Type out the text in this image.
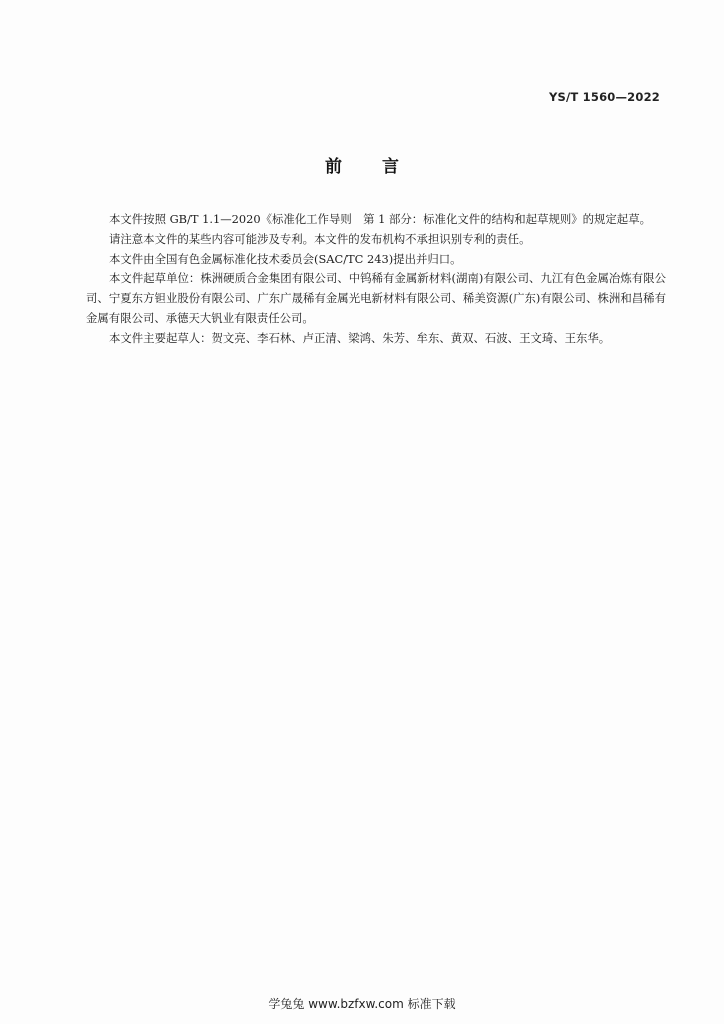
YS/T 1560—2022
前言

本文件按照 GB/T 1.1—2020《标准化工作导则　第 1 部分：标准化文件的结构和起草规则》的规定起草。

请注意本文件的某些内容可能涉及专利。本文件的发布机构不承担识别专利的责任。

本文件由全国有色金属标准化技术委员会(SAC/TC 243)提出并归口。

本文件起草单位：株洲硬质合金集团有限公司、中钨稀有金属新材料(湖南)有限公司、九江有色金属冶炼有限公司、宁夏东方钽业股份有限公司、广东广晟稀有金属光电新材料有限公司、稀美资源(广东)有限公司、株洲和昌稀有金属有限公司、承德天大钒业有限责任公司。

本文件主要起草人：贺文亮、李石林、卢正清、梁鸿、朱芳、牟东、黄双、石波、王文琦、王东华。

学兔兔 www.bzfxw.com 标准下载
